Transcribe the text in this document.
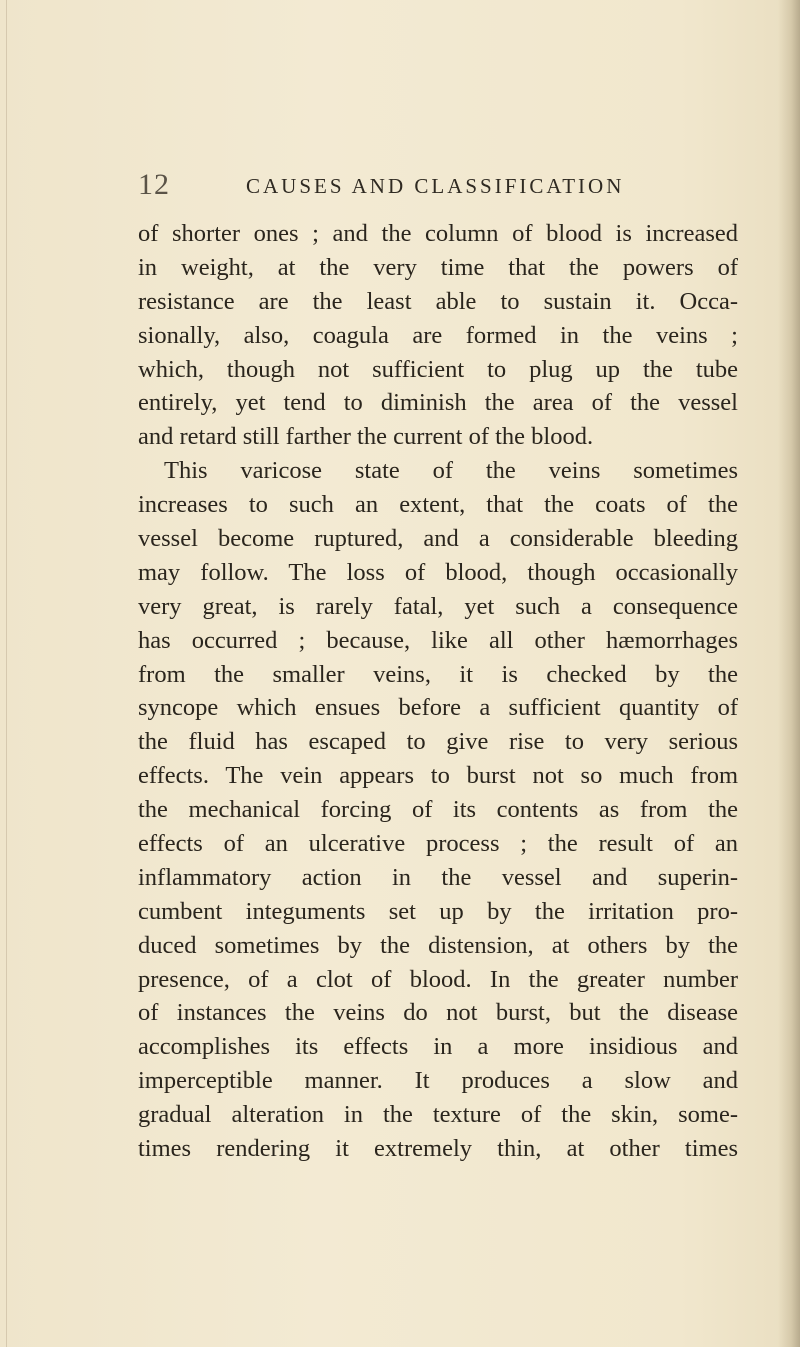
12	CAUSES AND CLASSIFICATION
of shorter ones ; and the column of blood is increased
in weight, at the very time that the powers of
resistance are the least able to sustain it. Occa-
sionally, also, coagula are formed in the veins ;
which, though not sufficient to plug up the tube
entirely, yet tend to diminish the area of the vessel
and retard still farther the current of the blood.
This varicose state of the veins sometimes
increases to such an extent, that the coats of the
vessel become ruptured, and a considerable bleeding
may follow. The loss of blood, though occasionally
very great, is rarely fatal, yet such a consequence
has occurred ; because, like all other hæmorrhages
from the smaller veins, it is checked by the
syncope which ensues before a sufficient quantity of
the fluid has escaped to give rise to very serious
effects. The vein appears to burst not so much from
the mechanical forcing of its contents as from the
effects of an ulcerative process ; the result of an
inflammatory action in the vessel and superin-
cumbent integuments set up by the irritation pro-
duced sometimes by the distension, at others by the
presence, of a clot of blood. In the greater number
of instances the veins do not burst, but the disease
accomplishes its effects in a more insidious and
imperceptible manner. It produces a slow and
gradual alteration in the texture of the skin, some-
times rendering it extremely thin, at other times
